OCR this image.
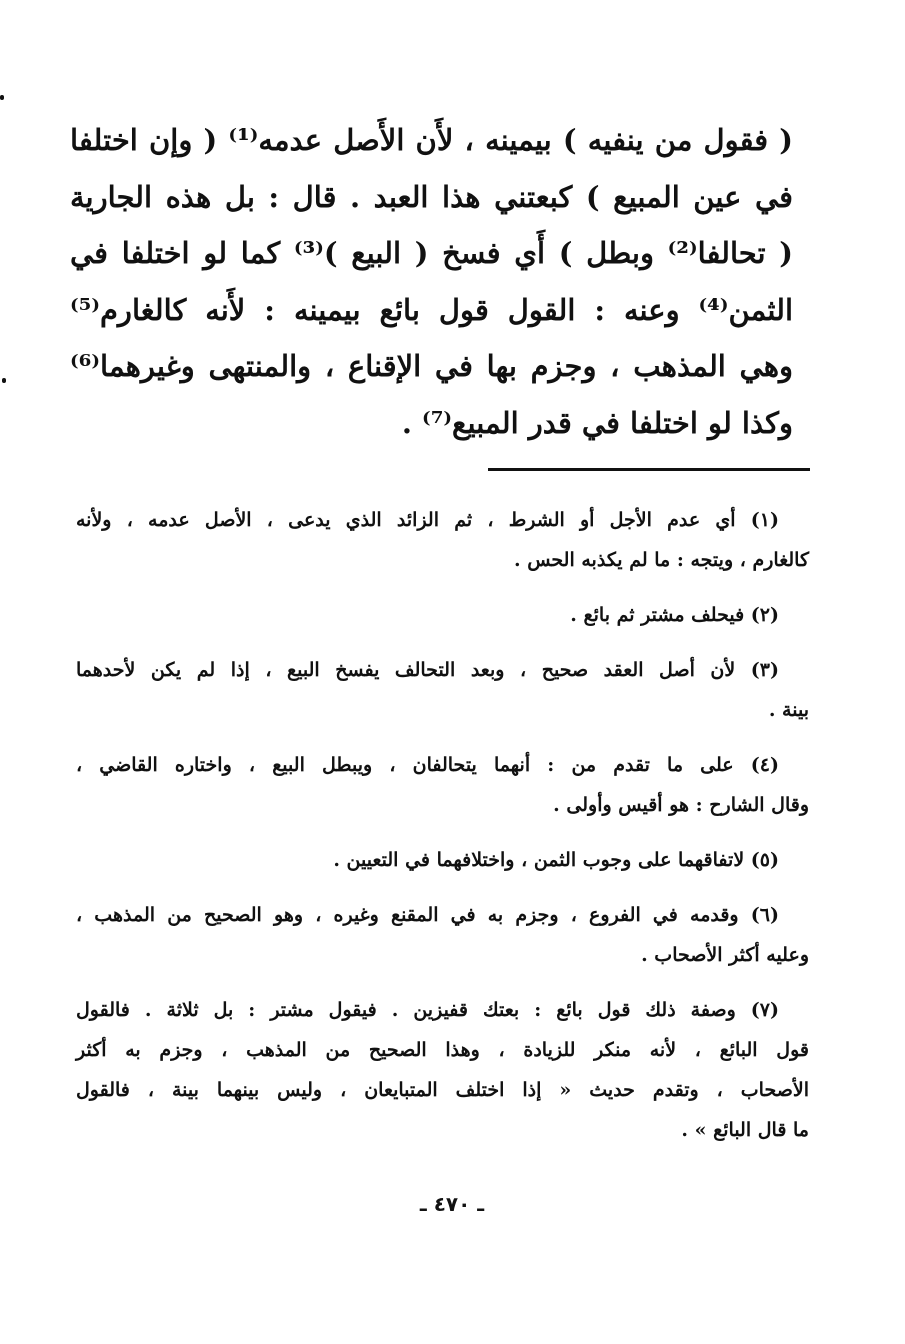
( فقول من ينفيه ) بيمينه ، لأَن الأَصل عدمه⁽¹⁾ ( وإن اختلفا
في عين المبيع ) كبعتني هذا العبد . قال : بل هذه الجارية
( تحالفا⁽²⁾ وبطل ) أَي فسخ ( البيع )⁽³⁾ كما لو اختلفا في
الثمن⁽⁴⁾ وعنه : القول قول بائع بيمينه : لأَنه كالغارم⁽⁵⁾
وهي المذهب ، وجزم بها في الإقناع ، والمنتهى وغيرهما⁽⁶⁾
وكذا لو اختلفا في قدر المبيع⁽⁷⁾ .
(١) أي عدم الأجل أو الشرط ، ثم الزائد الذي يدعى ، الأصل عدمه ، ولأنه
كالغارم ، ويتجه : ما لم يكذبه الحس .
(٢) فيحلف مشتر ثم بائع .
(٣) لأن أصل العقد صحيح ، وبعد التحالف يفسخ البيع ، إذا لم يكن لأحدهما
بينة .
(٤) على ما تقدم من : أنهما يتحالفان ، ويبطل البيع ، واختاره القاضي ،
وقال الشارح : هو أقيس وأولى .
(٥) لاتفاقهما على وجوب الثمن ، واختلافهما في التعيين .
(٦) وقدمه في الفروع ، وجزم به في المقنع وغيره ، وهو الصحيح من المذهب ،
وعليه أكثر الأصحاب .
(٧) وصفة ذلك قول بائع : بعتك قفيزين . فيقول مشتر : بل ثلاثة . فالقول
قول البائع ، لأنه منكر للزيادة ، وهذا الصحيح من المذهب ، وجزم به أكثر
الأصحاب ، وتقدم حديث « إذا اختلف المتبايعان ، وليس بينهما بينة ، فالقول
ما قال البائع » .
ـ ٤٧٠ ـ
